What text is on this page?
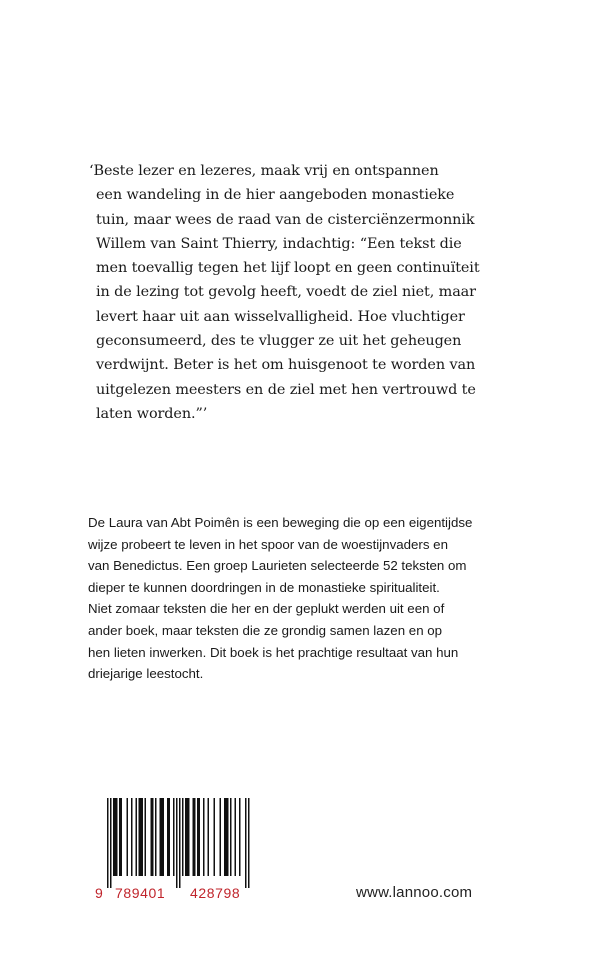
‘Beste lezer en lezeres, maak vrij en ontspannen
een wandeling in de hier aangeboden monastieke
tuin, maar wees de raad van de cisterciënzermonnik
Willem van Saint Thierry, indachtig: “Een tekst die
men toevallig tegen het lijf loopt en geen continuïteit
in de lezing tot gevolg heeft, voedt de ziel niet, maar
levert haar uit aan wisselvalligheid. Hoe vluchtiger
geconsumeerd, des te vlugger ze uit het geheugen
verdwijnt. Beter is het om huisgenoot te worden van
uitgelezen meesters en de ziel met hen vertrouwd te
laten worden.”’
De Laura van Abt Poimên is een beweging die op een eigentijdse
wijze probeert te leven in het spoor van de woestijnvaders en
van Benedictus. Een groep Laurieten selecteerde 52 teksten om
dieper te kunnen doordringen in de monastieke spiritualiteit.
Niet zomaar teksten die her en der geplukt werden uit een of
ander boek, maar teksten die ze grondig samen lazen en op
hen lieten inwerken. Dit boek is het prachtige resultaat van hun
driejarige leestocht.
9 789401 428798	www.lannoo.com
